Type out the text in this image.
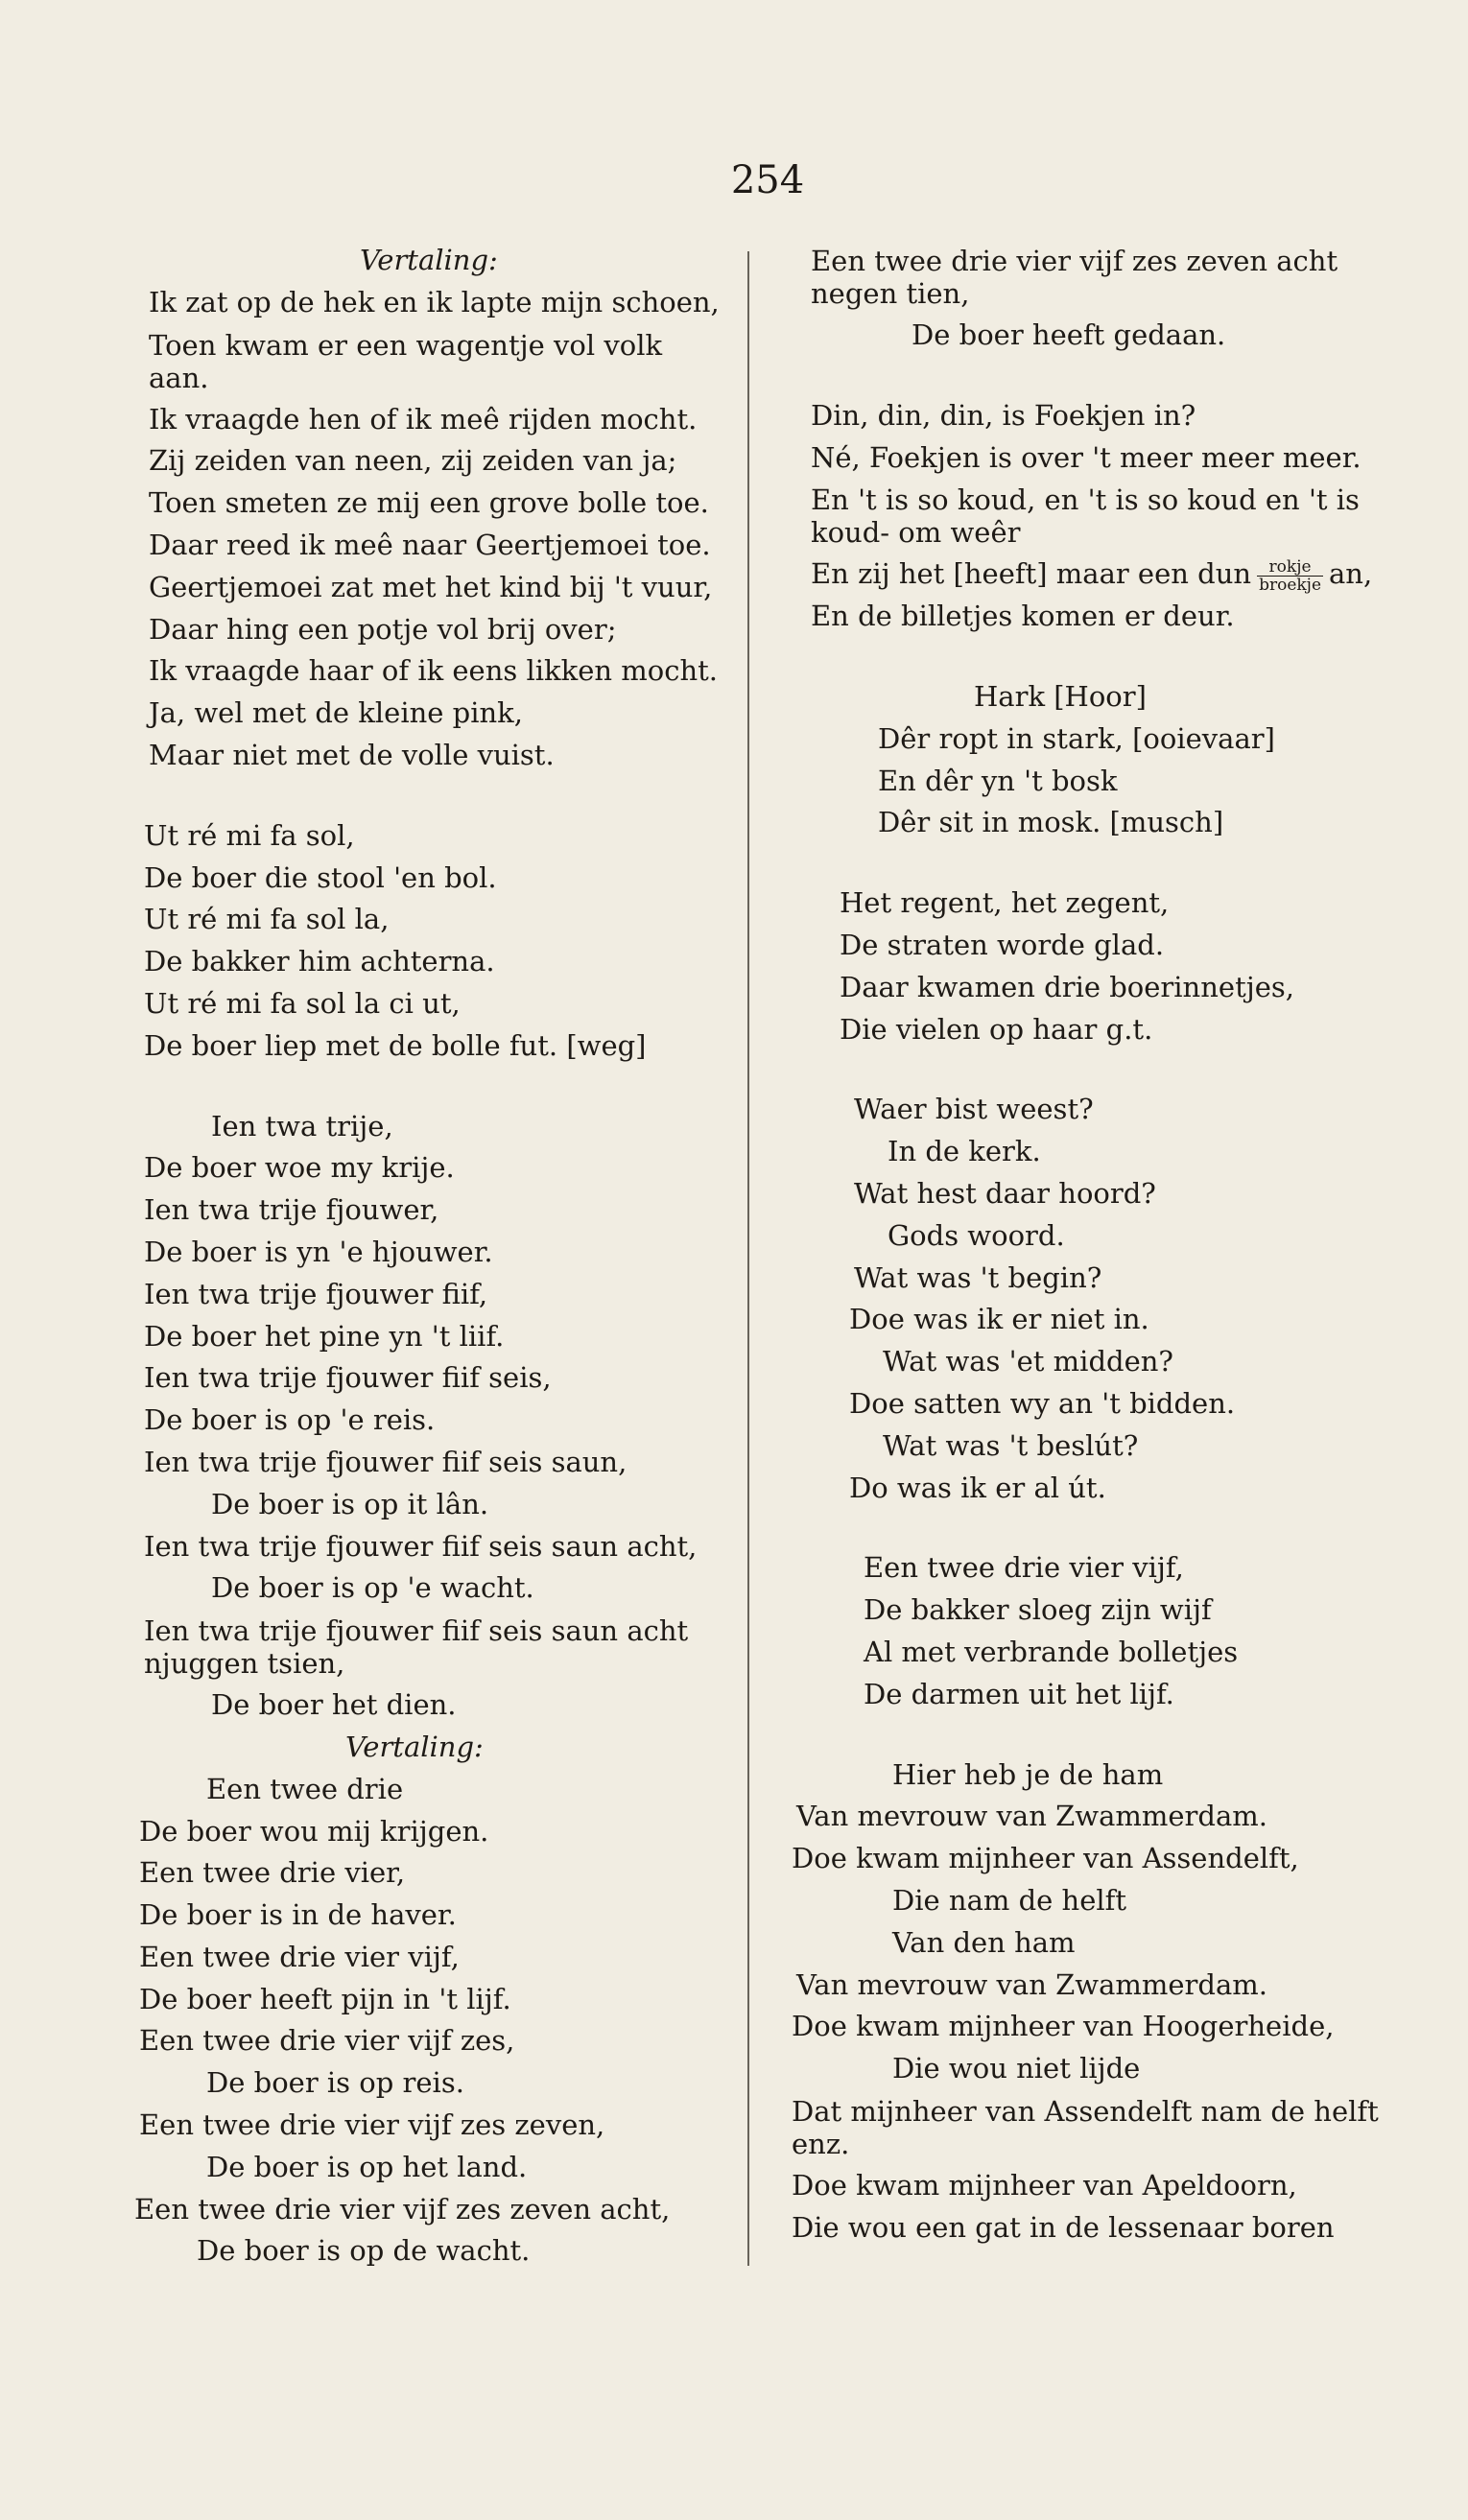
254
Vertaling:
Ik zat op de hek en ik lapte mijn schoen,
Toen kwam er een wagentje vol volk aan.
Ik vraagde hen of ik meê rijden mocht.
Zij zeiden van neen, zij zeiden van ja;
Toen smeten ze mij een grove bolle toe.
Daar reed ik meê naar Geertjemoei toe.
Geertjemoei zat met het kind bij 't vuur,
Daar hing een potje vol brij over;
Ik vraagde haar of ik eens likken mocht.
Ja, wel met de kleine pink,
Maar niet met de volle vuist.
Ut ré mi fa sol,
De boer die stool 'en bol.
Ut ré mi fa sol la,
De bakker him achterna.
Ut ré mi fa sol la ci ut,
De boer liep met de bolle fut. [weg]
Ien twa trije,
De boer woe my krije.
Ien twa trije fjouwer,
De boer is yn 'e hjouwer.
Ien twa trije fjouwer fiif,
De boer het pine yn 't liif.
Ien twa trije fjouwer fiif seis,
De boer is op 'e reis.
Ien twa trije fjouwer fiif seis saun,
De boer is op it lân.
Ien twa trije fjouwer fiif seis saun acht,
De boer is op 'e wacht.
Ien twa trije fjouwer fiif seis saun acht njuggen tsien,
De boer het dien.
Vertaling:
Een twee drie
De boer wou mij krijgen.
Een twee drie vier,
De boer is in de haver.
Een twee drie vier vijf,
De boer heeft pijn in 't lijf.
Een twee drie vier vijf zes,
De boer is op reis.
Een twee drie vier vijf zes zeven,
De boer is op het land.
Een twee drie vier vijf zes zeven acht,
De boer is op de wacht.
Een twee drie vier vijf zes zeven acht negen tien,
De boer heeft gedaan.
Din, din, din, is Foekjen in?
Né, Foekjen is over 't meer meer meer.
En 't is so koud, en 't is so koud en 't is koud- om weêr
En zij het [heeft] maar een dun $\frac{\text{rokje}}{\text{broekje}}$ an,
En de billetjes komen er deur.
Hark [Hoor]
Dêr ropt in stark, [ooievaar]
En dêr yn 't bosk
Dêr sit in mosk. [musch]
Het regent, het zegent,
De straten worde glad.
Daar kwamen drie boerinnetjes,
Die vielen op haar g.t.
Waer bist weest?
In de kerk.
Wat hest daar hoord?
Gods woord.
Wat was 't begin?
Doe was ik er niet in.
Wat was 'et midden?
Doe satten wy an 't bidden.
Wat was 't beslút?
Do was ik er al út.
Een twee drie vier vijf,
De bakker sloeg zijn wijf
Al met verbrande bolletjes
De darmen uit het lijf.
Hier heb je de ham
Van mevrouw van Zwammerdam.
Doe kwam mijnheer van Assendelft,
Die nam de helft
Van den ham
Van mevrouw van Zwammerdam.
Doe kwam mijnheer van Hoogerheide,
Die wou niet lijde
Dat mijnheer van Assendelft nam de helft enz.
Doe kwam mijnheer van Apeldoorn,
Die wou een gat in de lessenaar boren
